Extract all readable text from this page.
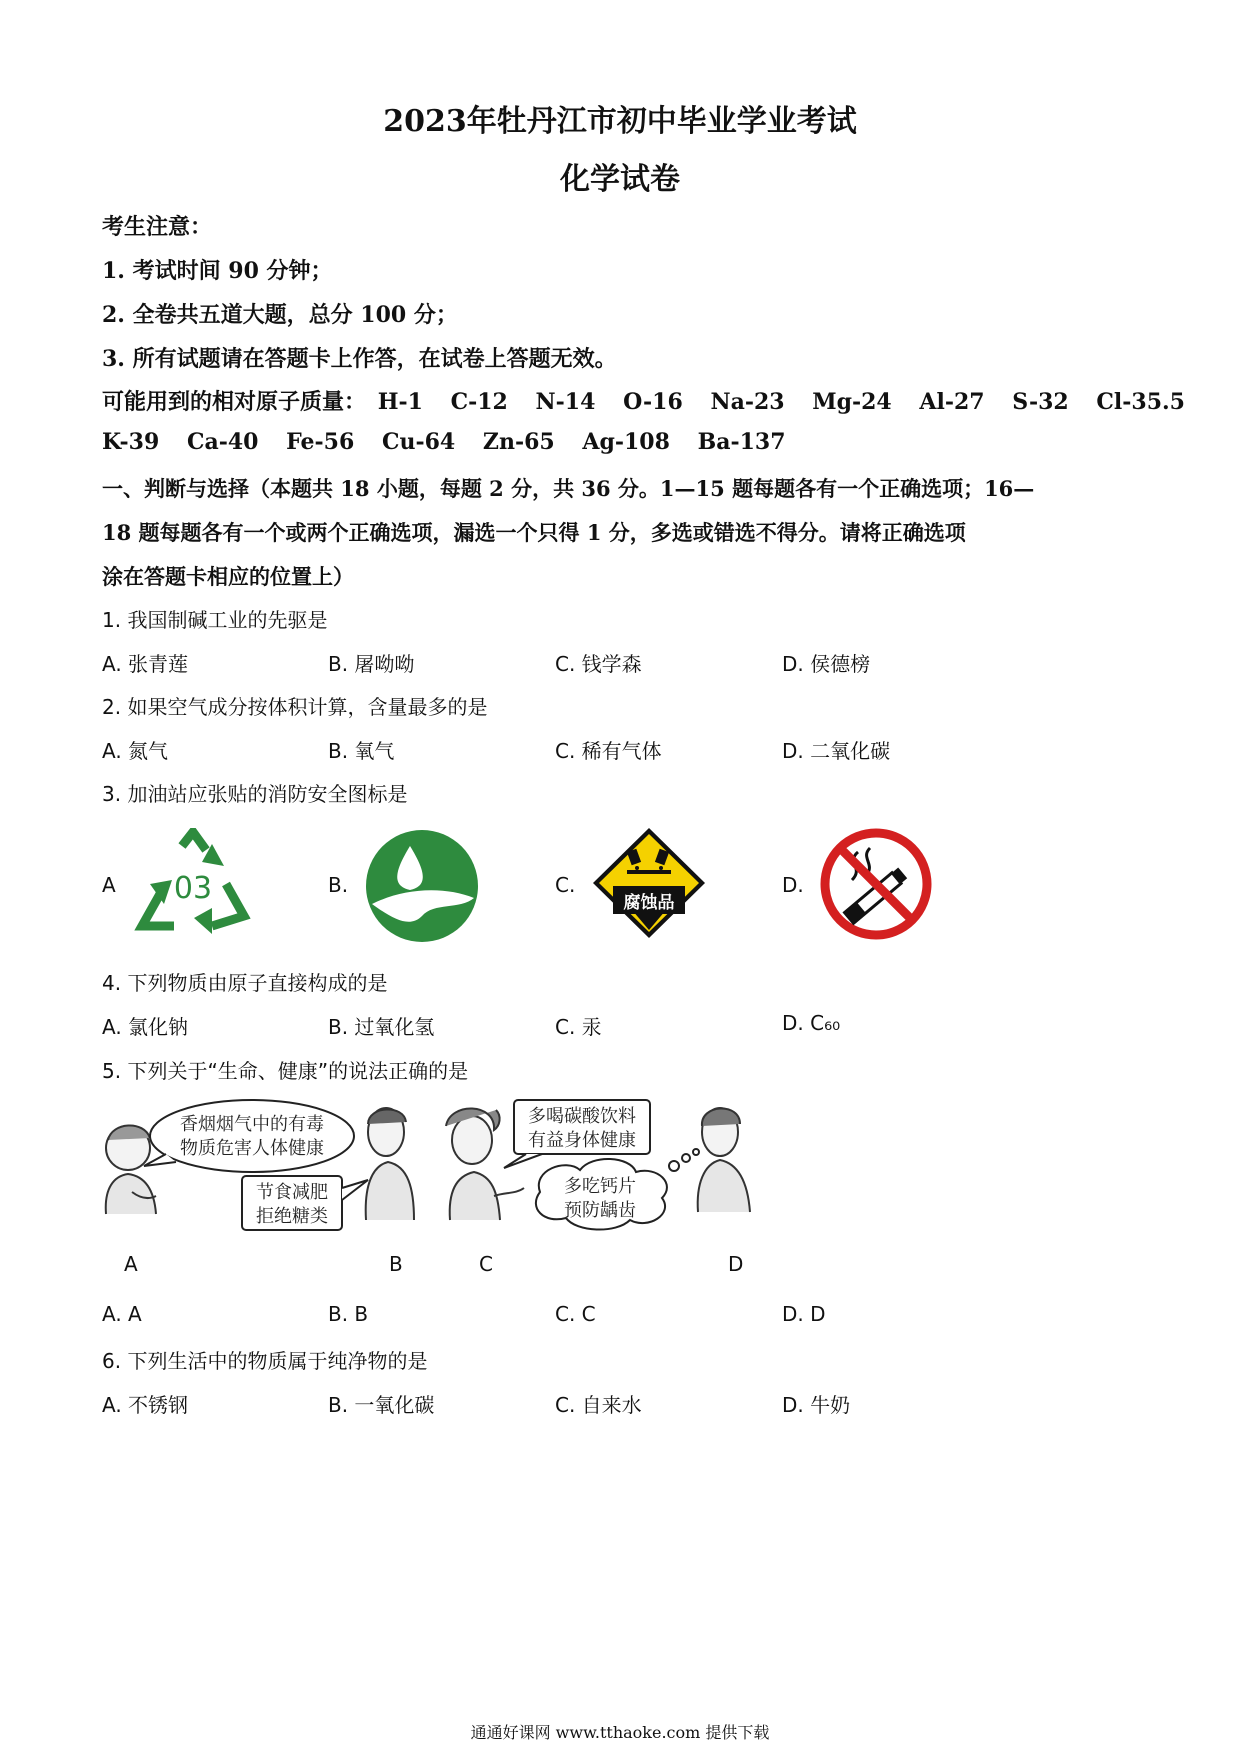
2023年牡丹江市初中毕业学业考试
化学试卷
考生注意：
1. 考试时间 90 分钟；
2. 全卷共五道大题，总分 100 分；
3. 所有试题请在答题卡上作答，在试卷上答题无效。
可能用到的相对原子质量： H-1 C-12 N-14 O-16 Na-23 Mg-24 Al-27 S-32 Cl-35.5
K-39 Ca-40 Fe-56 Cu-64 Zn-65 Ag-108 Ba-137
一、判断与选择（本题共 18 小题，每题 2 分，共 36 分。1—15 题每题各有一个正确选项；16—
18 题每题各有一个或两个正确选项，漏选一个只得 1 分，多选或错选不得分。请将正确选项
涂在答题卡相应的位置上）
1. 我国制碱工业的先驱是
A. 张青莲	B. 屠呦呦	C. 钱学森	D. 侯德榜
2. 如果空气成分按体积计算，含量最多的是
A. 氮气	B. 氧气	C. 稀有气体	D. 二氧化碳
3. 加油站应张贴的消防安全图标是
A	B.	C.	D.
03	腐蚀品
4. 下列物质由原子直接构成的是
A. 氯化钠	B. 过氧化氢	C. 汞	D. C₆₀
5. 下列关于“生命、健康”的说法正确的是
香烟烟气中的有毒
物质危害人体健康
节食减肥
拒绝糖类
多喝碳酸饮料
有益身体健康
多吃钙片
预防龋齿
A	B	C	D
A. A	B. B	C. C	D. D
6. 下列生活中的物质属于纯净物的是
A. 不锈钢	B. 一氧化碳	C. 自来水	D. 牛奶
通通好课网 www.tthaoke.com 提供下载
